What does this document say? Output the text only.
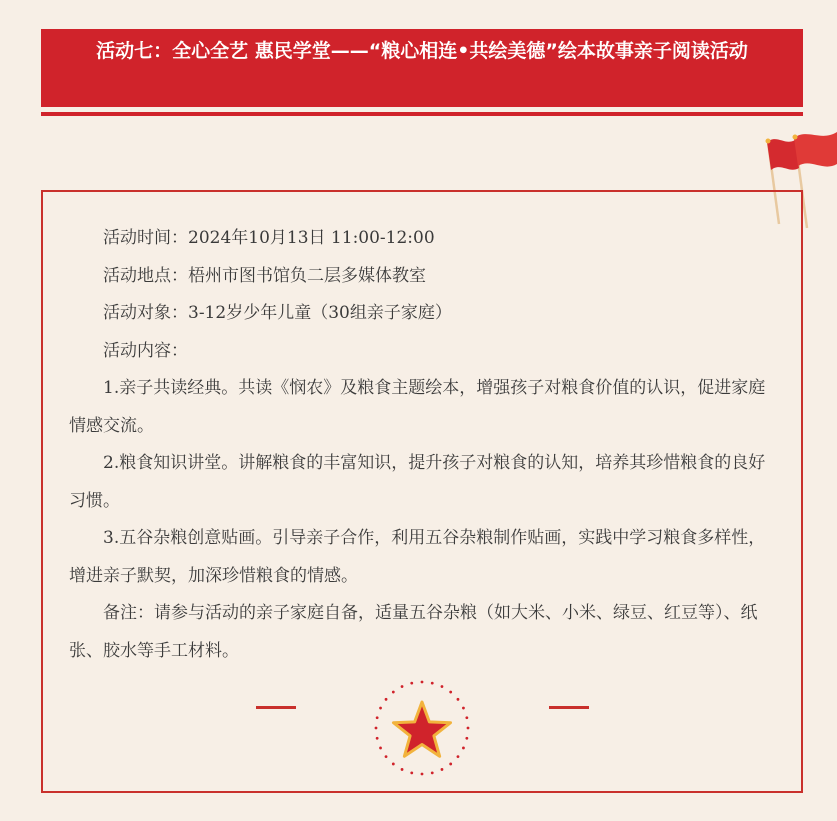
活动七：全心全艺 惠民学堂——“粮心相连•共绘美德”绘本故事亲子阅读活动

活动时间：2024年10月13日 11:00-12:00

活动地点：梧州市图书馆负二层多媒体教室

活动对象：3-12岁少年儿童（30组亲子家庭）

活动内容：

1.亲子共读经典。共读《悯农》及粮食主题绘本，增强孩子对粮食价值的认识，促进家庭情感交流。

2.粮食知识讲堂。讲解粮食的丰富知识，提升孩子对粮食的认知，培养其珍惜粮食的良好习惯。

3.五谷杂粮创意贴画。引导亲子合作，利用五谷杂粮制作贴画，实践中学习粮食多样性，增进亲子默契，加深珍惜粮食的情感。

备注：请参与活动的亲子家庭自备，适量五谷杂粮（如大米、小米、绿豆、红豆等）、纸张、胶水等手工材料。
